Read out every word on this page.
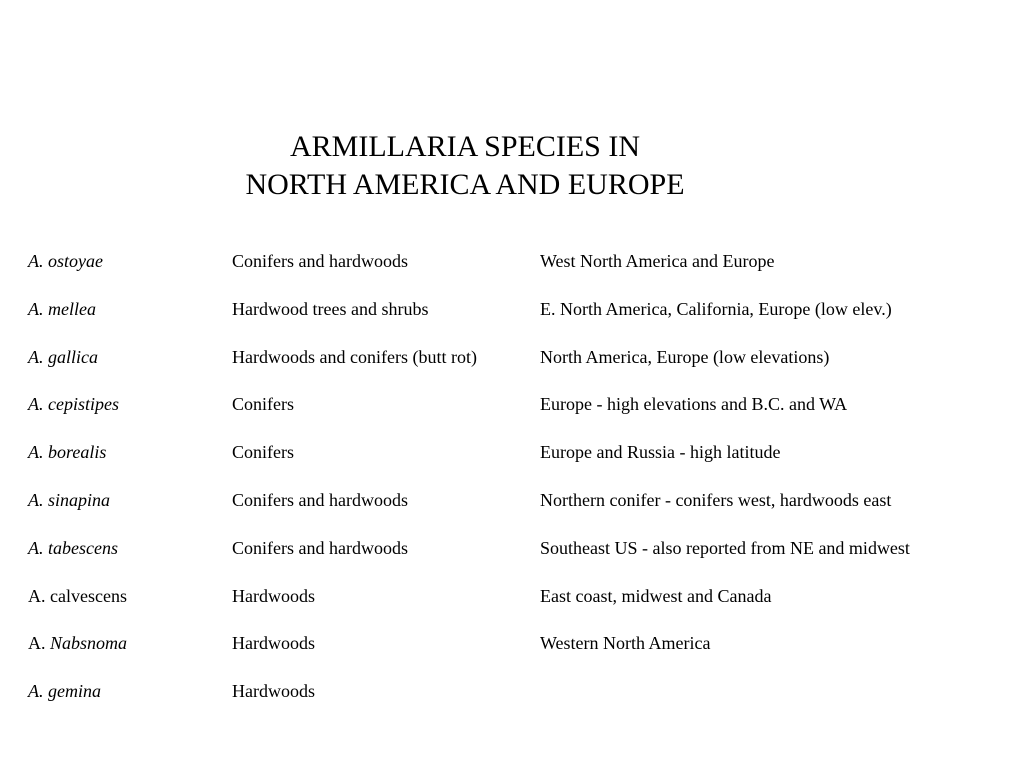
ARMILLARIA SPECIES IN
NORTH AMERICA AND EUROPE
A. ostoyae	Conifers and hardwoods	West North America and Europe
A. mellea	Hardwood trees and shrubs	E. North America, California, Europe (low elev.)
A. gallica	Hardwoods and conifers (butt rot)	North America, Europe (low elevations)
A. cepistipes	Conifers	Europe - high elevations and B.C. and WA
A. borealis	Conifers	Europe and Russia - high latitude
A. sinapina	Conifers and hardwoods	Northern conifer - conifers west, hardwoods east
A. tabescens	Conifers and hardwoods	Southeast US - also reported from NE and midwest
A. calvescens	Hardwoods	East coast, midwest and Canada
A. Nabsnoma	Hardwoods	Western North America
A. gemina	Hardwoods
